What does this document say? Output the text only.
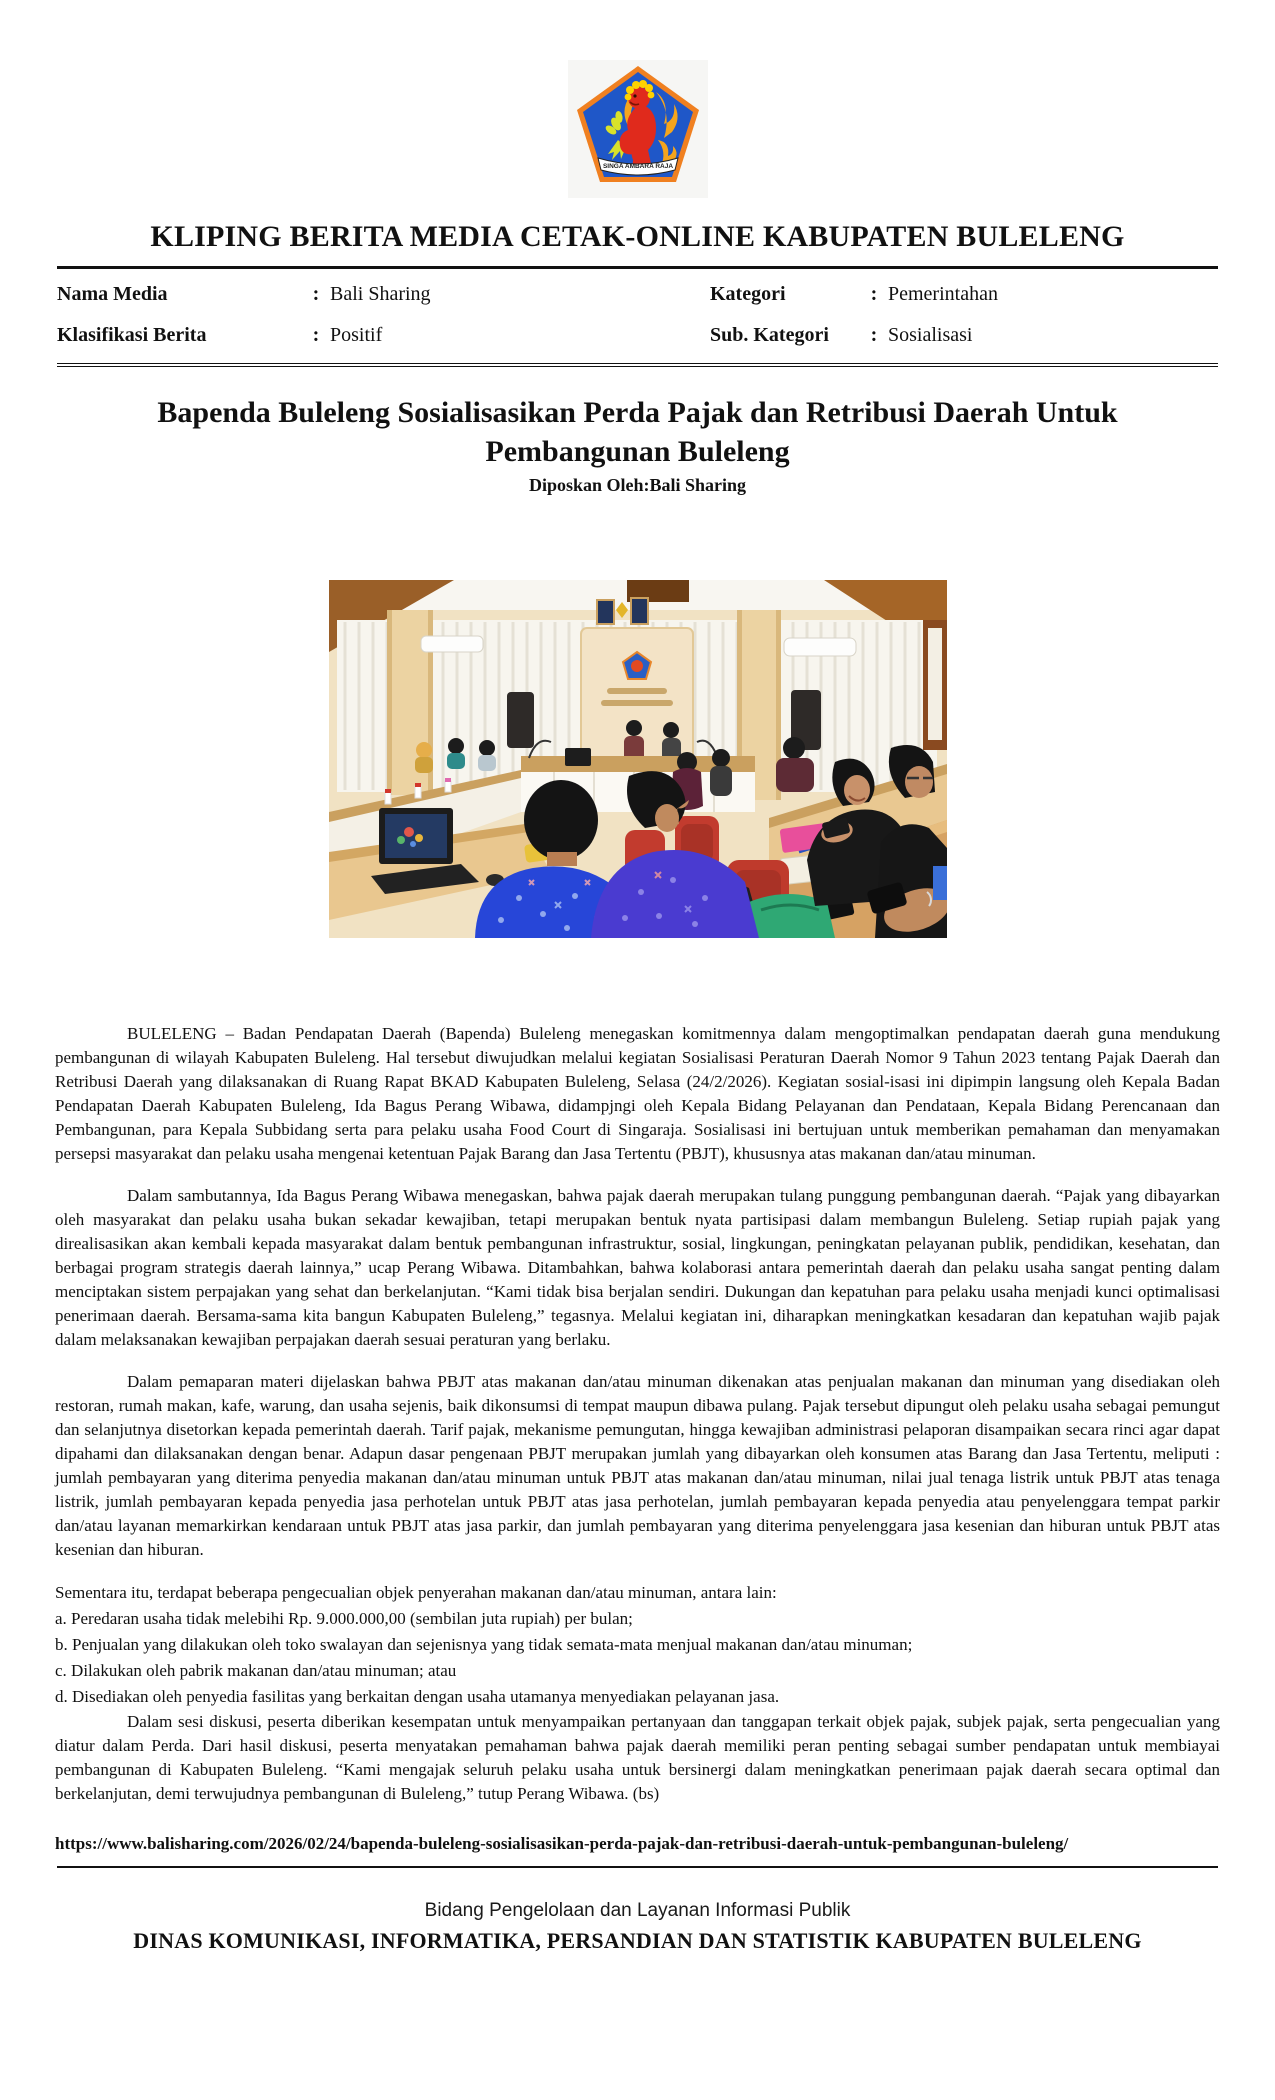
SINGA AMBARA RAJA
KLIPING BERITA MEDIA CETAK-ONLINE KABUPATEN BULELENG
Nama Media	: Bali Sharing	Kategori	: Pemerintahan
Klasifikasi Berita	: Positif	Sub. Kategori	: Sosialisasi
Bapenda Buleleng Sosialisasikan Perda Pajak dan Retribusi Daerah Untuk Pembangunan Buleleng
Diposkan Oleh:Bali Sharing

BULELENG – Badan Pendapatan Daerah (Bapenda) Buleleng menegaskan komitmennya dalam mengoptimalkan pendapatan daerah guna mendukung pembangunan di wilayah Kabupaten Buleleng. Hal tersebut diwujudkan melalui kegiatan Sosialisasi Peraturan Daerah Nomor 9 Tahun 2023 tentang Pajak Daerah dan Retribusi Daerah yang dilaksanakan di Ruang Rapat BKAD Kabupaten Buleleng, Selasa (24/2/2026). Kegiatan sosial-isasi ini dipimpin langsung oleh Kepala Badan Pendapatan Daerah Kabupaten Buleleng, Ida Bagus Perang Wibawa, didampjngi oleh Kepala Bidang Pelayanan dan Pendataan, Kepala Bidang Perencanaan dan Pembangunan, para Kepala Subbidang serta para pelaku usaha Food Court di Singaraja. Sosialisasi ini bertujuan untuk memberikan pemahaman dan menyamakan persepsi masyarakat dan pelaku usaha mengenai ketentuan Pajak Barang dan Jasa Tertentu (PBJT), khususnya atas makanan dan/atau minuman.

Dalam sambutannya, Ida Bagus Perang Wibawa menegaskan, bahwa pajak daerah merupakan tulang punggung pembangunan daerah. “Pajak yang dibayarkan oleh masyarakat dan pelaku usaha bukan sekadar kewajiban, tetapi merupakan bentuk nyata partisipasi dalam membangun Buleleng. Setiap rupiah pajak yang direalisasikan akan kembali kepada masyarakat dalam bentuk pembangunan infrastruktur, sosial, lingkungan, peningkatan pelayanan publik, pendidikan, kesehatan, dan berbagai program strategis daerah lainnya,” ucap Perang Wibawa. Ditambahkan, bahwa kolaborasi antara pemerintah daerah dan pelaku usaha sangat penting dalam menciptakan sistem perpajakan yang sehat dan berkelanjutan. “Kami tidak bisa berjalan sendiri. Dukungan dan kepatuhan para pelaku usaha menjadi kunci optimalisasi penerimaan daerah. Bersama-sama kita bangun Kabupaten Buleleng,” tegasnya. Melalui kegiatan ini, diharapkan meningkatkan kesadaran dan kepatuhan wajib pajak dalam melaksanakan kewajiban perpajakan daerah sesuai peraturan yang berlaku.

Dalam pemaparan materi dijelaskan bahwa PBJT atas makanan dan/atau minuman dikenakan atas penjualan makanan dan minuman yang disediakan oleh restoran, rumah makan, kafe, warung, dan usaha sejenis, baik dikonsumsi di tempat maupun dibawa pulang. Pajak tersebut dipungut oleh pelaku usaha sebagai pemungut dan selanjutnya disetorkan kepada pemerintah daerah. Tarif pajak, mekanisme pemungutan, hingga kewajiban administrasi pelaporan disampaikan secara rinci agar dapat dipahami dan dilaksanakan dengan benar. Adapun dasar pengenaan PBJT merupakan jumlah yang dibayarkan oleh konsumen atas Barang dan Jasa Tertentu, meliputi : jumlah pembayaran yang diterima penyedia makanan dan/atau minuman untuk PBJT atas makanan dan/atau minuman, nilai jual tenaga listrik untuk PBJT atas tenaga listrik, jumlah pembayaran kepada penyedia jasa perhotelan untuk PBJT atas jasa perhotelan, jumlah pembayaran kepada penyedia atau penyelenggara tempat parkir dan/atau layanan memarkirkan kendaraan untuk PBJT atas jasa parkir, dan jumlah pembayaran yang diterima penyelenggara jasa kesenian dan hiburan untuk PBJT atas kesenian dan hiburan.

Sementara itu, terdapat beberapa pengecualian objek penyerahan makanan dan/atau minuman, antara lain:
a. Peredaran usaha tidak melebihi Rp. 9.000.000,00 (sembilan juta rupiah) per bulan;
b. Penjualan yang dilakukan oleh toko swalayan dan sejenisnya yang tidak semata-mata menjual makanan dan/atau minuman;
c. Dilakukan oleh pabrik makanan dan/atau minuman; atau
d. Disediakan oleh penyedia fasilitas yang berkaitan dengan usaha utamanya menyediakan pelayanan jasa.

Dalam sesi diskusi, peserta diberikan kesempatan untuk menyampaikan pertanyaan dan tanggapan terkait objek pajak, subjek pajak, serta pengecualian yang diatur dalam Perda. Dari hasil diskusi, peserta menyatakan pemahaman bahwa pajak daerah memiliki peran penting sebagai sumber pendapatan untuk membiayai pembangunan di Kabupaten Buleleng. “Kami mengajak seluruh pelaku usaha untuk bersinergi dalam meningkatkan penerimaan pajak daerah secara optimal dan berkelanjutan, demi terwujudnya pembangunan di Buleleng,” tutup Perang Wibawa. (bs)

https://www.balisharing.com/2026/02/24/bapenda-buleleng-sosialisasikan-perda-pajak-dan-retribusi-daerah-untuk-pembangunan-buleleng/
Bidang Pengelolaan dan Layanan Informasi Publik
DINAS KOMUNIKASI, INFORMATIKA, PERSANDIAN DAN STATISTIK KABUPATEN BULELENG
